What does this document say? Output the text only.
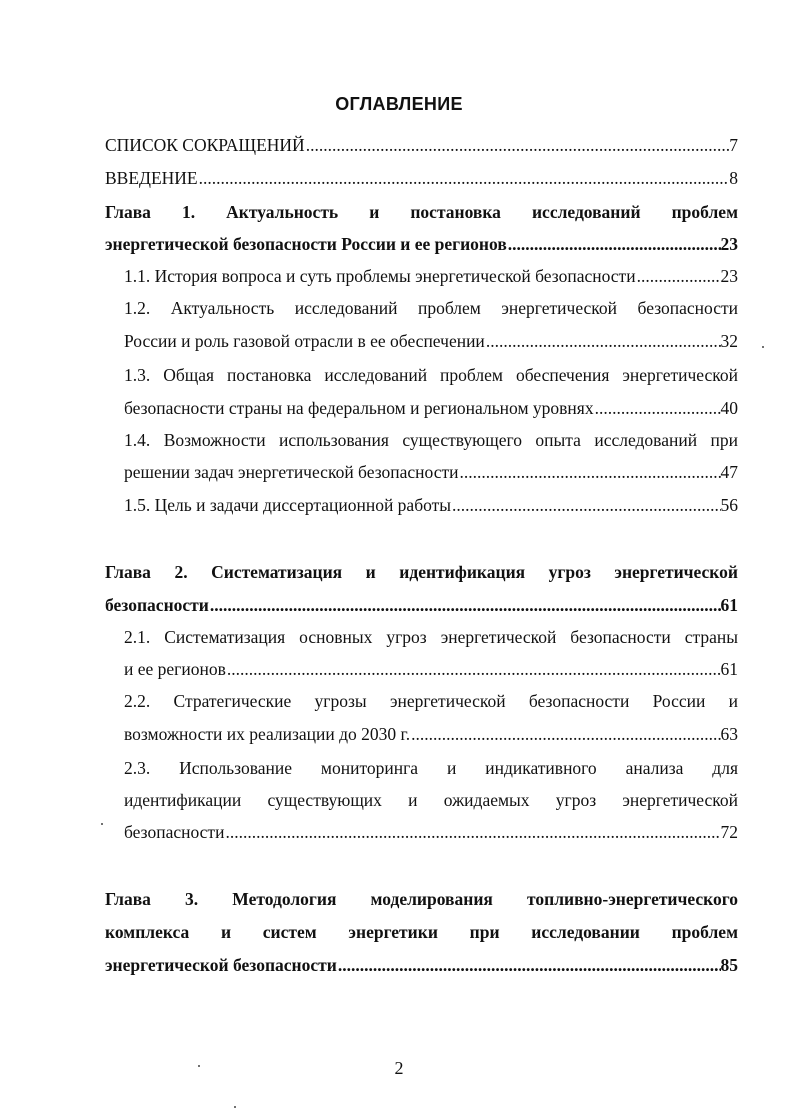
ОГЛАВЛЕНИЕ
СПИСОК СОКРАЩЕНИЙ .....	7
ВВЕДЕНИЕ .....	8
Глава 1. Актуальность и постановка исследований проблем
энергетической безопасности России и ее регионов .....	23
1.1. История вопроса и суть проблемы энергетической безопасности .....	23
1.2. Актуальность исследований проблем энергетической безопасности
России и роль газовой отрасли в ее обеспечении .....	32
1.3. Общая постановка исследований проблем обеспечения энергетической
безопасности страны на федеральном и региональном уровнях .....	40
1.4. Возможности использования существующего опыта исследований при
решении задач энергетической безопасности .....	47
1.5. Цель и задачи диссертационной работы .....	56
Глава 2. Систематизация и идентификация угроз энергетической
безопасности .....	61
2.1. Систематизация основных угроз энергетической безопасности страны
и ее регионов .....	61
2.2. Стратегические угрозы энергетической безопасности России и
возможности их реализации до 2030 г. .....	63
2.3. Использование мониторинга и индикативного анализа для
идентификации существующих и ожидаемых угроз энергетической
безопасности .....	72
Глава 3. Методология моделирования топливно-энергетического
комплекса и систем энергетики при исследовании проблем
энергетической безопасности .....	85
2
